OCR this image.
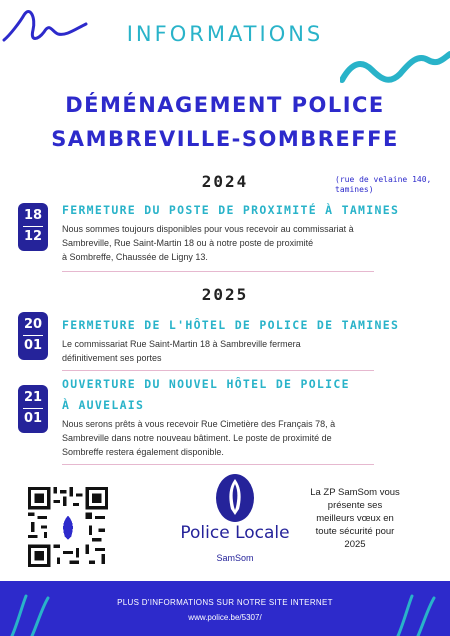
INFORMATIONS
DÉMÉNAGEMENT POLICE
SAMBREVILLE-SOMBREFFE
2024	(rue de velaine 140, tamines)
18
12
FERMETURE DU POSTE DE PROXIMITÉ À TAMINES
Nous sommes toujours disponibles pour vous recevoir au commissariat à
Sambreville, Rue Saint-Martin 18 ou à notre poste de proximité
à Sombreffe, Chaussée de Ligny 13.
2025
20
01
FERMETURE DE L'HÔTEL DE POLICE DE TAMINES
Le commissariat Rue Saint-Martin 18 à Sambreville fermera
définitivement ses portes
21
01
OUVERTURE DU NOUVEL HÔTEL DE POLICE
À AUVELAIS
Nous serons prêts à vous recevoir Rue Cimetière des Français 78, à
Sambreville dans notre nouveau bâtiment. Le poste de proximité de
Sombreffe restera également disponible.
Police Locale
SamSom
La ZP SamSom vous
présente ses
meilleurs vœux en
toute sécurité pour
2025
PLUS D'INFORMATIONS SUR NOTRE SITE INTERNET
www.police.be/5307/
